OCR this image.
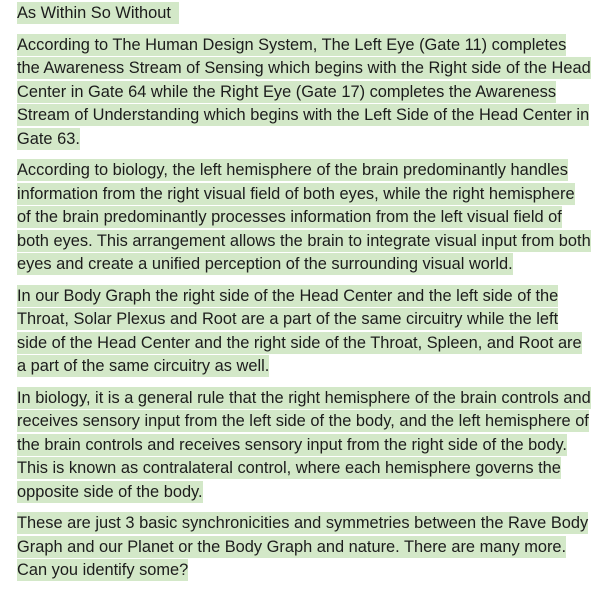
As Within So Without

According to The Human Design System, The Left Eye (Gate 11) completes the Awareness Stream of Sensing which begins with the Right side of the Head Center in Gate 64 while the Right Eye (Gate 17) completes the Awareness Stream of Understanding which begins with the Left Side of the Head Center in Gate 63.

According to biology, the left hemisphere of the brain predominantly handles information from the right visual field of both eyes, while the right hemisphere of the brain predominantly processes information from the left visual field of both eyes. This arrangement allows the brain to integrate visual input from both eyes and create a unified perception of the surrounding visual world.

In our Body Graph the right side of the Head Center and the left side of the Throat, Solar Plexus and Root are a part of the same circuitry while the left side of the Head Center and the right side of the Throat, Spleen, and Root are a part of the same circuitry as well.

In biology, it is a general rule that the right hemisphere of the brain controls and receives sensory input from the left side of the body, and the left hemisphere of the brain controls and receives sensory input from the right side of the body. This is known as contralateral control, where each hemisphere governs the opposite side of the body.

These are just 3 basic synchronicities and symmetries between the Rave Body Graph and our Planet or the Body Graph and nature. There are many more. Can you identify some?
